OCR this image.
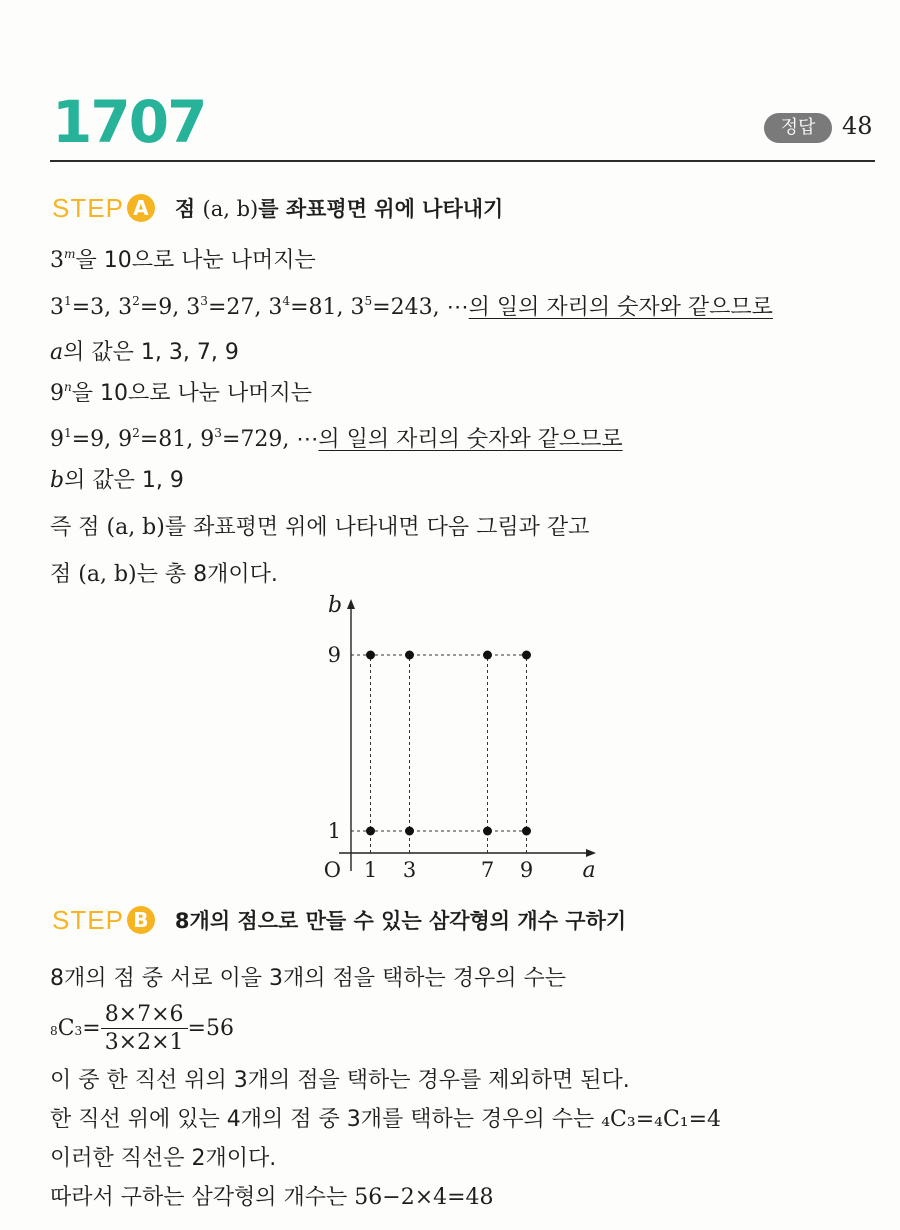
1707	정답	48
STEP A 점 (a, b)를 좌표평면 위에 나타내기
3$^m$을 10으로 나눈 나머지는
$3^1=3$, $3^2=9$, $3^3=27$, $3^4=81$, $3^5=243$, ⋯의 일의 자리의 숫자와 같으므로
a의 값은 1, 3, 7, 9
9$^n$을 10으로 나눈 나머지는
$9^1=9$, $9^2=81$, $9^3=729$, ⋯의 일의 자리의 숫자와 같으므로
b의 값은 1, 9
즉 점 (a, b)를 좌표평면 위에 나타내면 다음 그림과 같고
점 (a, b)는 총 8개이다.
1 3	7 9
1
9
O	a
b
STEP B	8개의 점으로 만들 수 있는 삼각형의 개수 구하기
8개의 점 중 서로 이을 3개의 점을 택하는 경우의 수는
$8C3= \frac{8\times 7\times 6}{3\times 2\times 1} =56$
이 중 한 직선 위의 3개의 점을 택하는 경우를 제외하면 된다.
한 직선 위에 있는 4개의 점 중 3개를 택하는 경우의 수는 ₄C₃=₄C₁=4
이러한 직선은 2개이다.
따라서 구하는 삼각형의 개수는 56−2×4=48
